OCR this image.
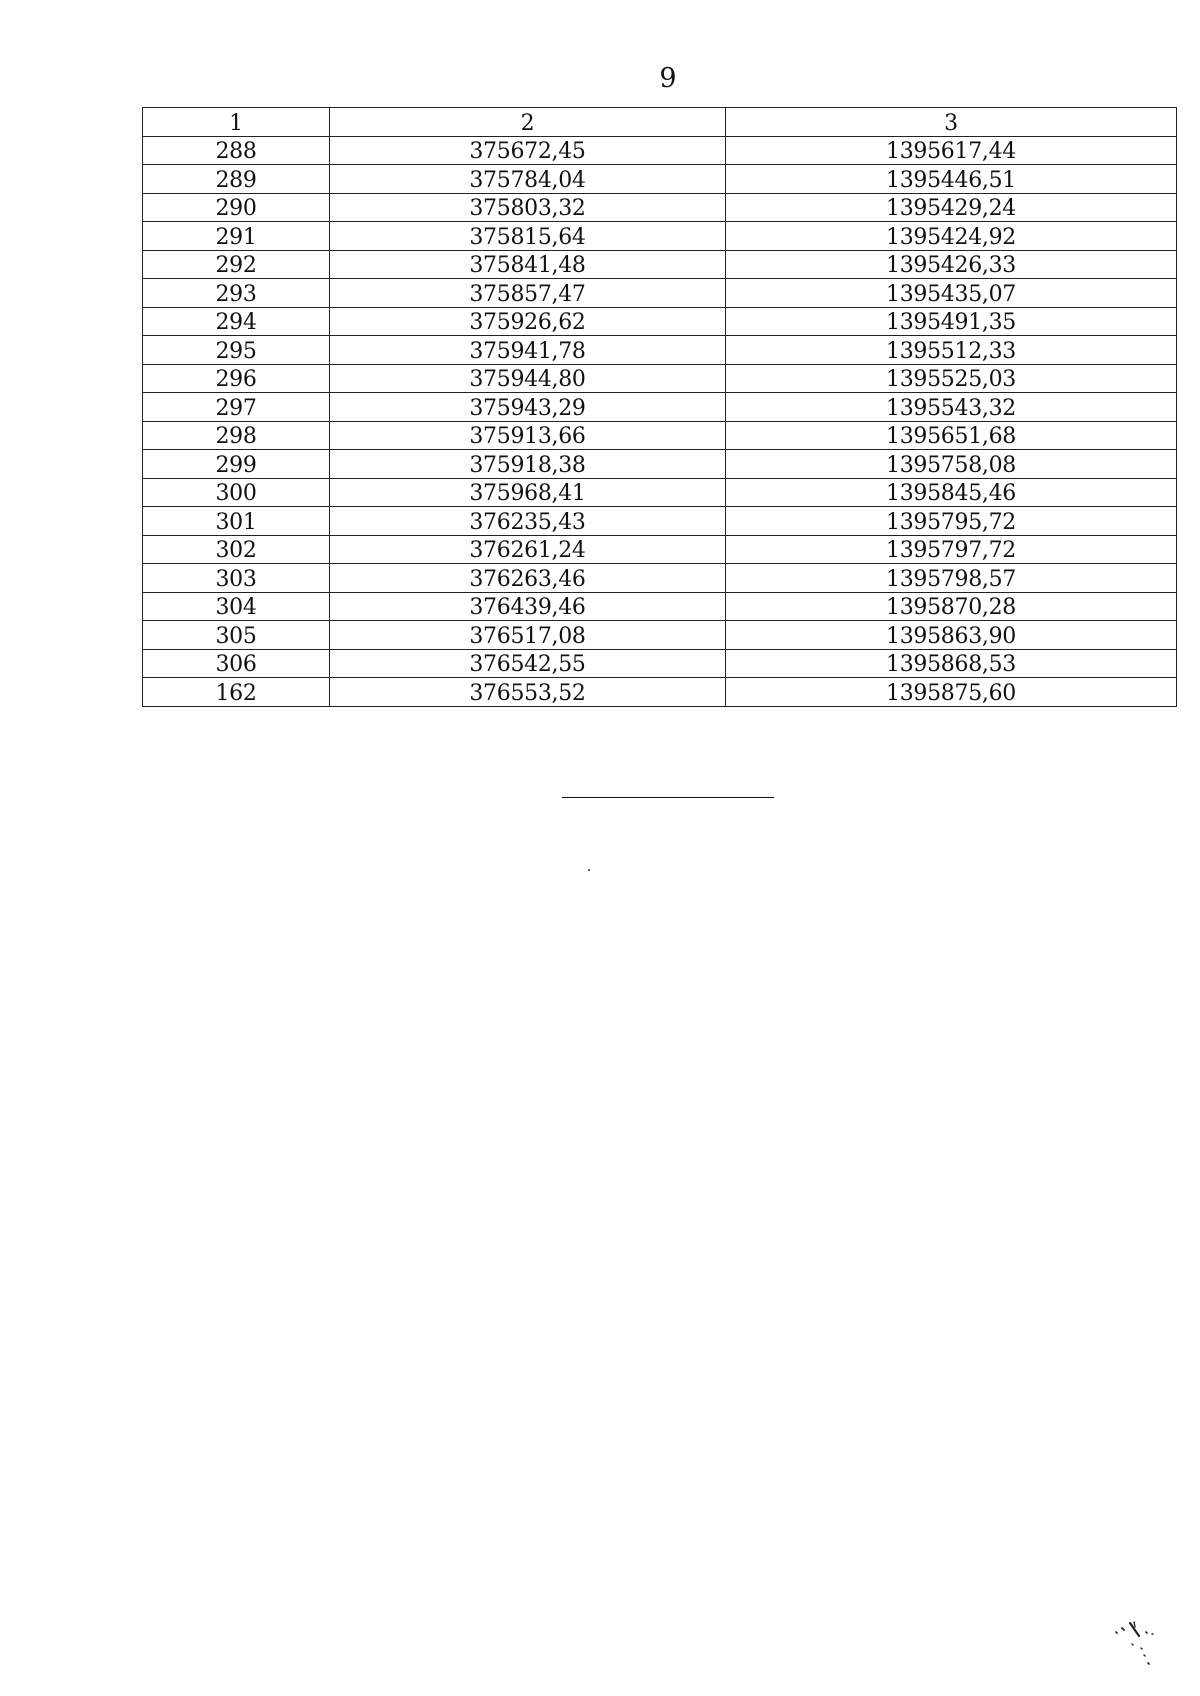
9
1	2	3
288	375672,45	1395617,44
289	375784,04	1395446,51
290	375803,32	1395429,24
291	375815,64	1395424,92
292	375841,48	1395426,33
293	375857,47	1395435,07
294	375926,62	1395491,35
295	375941,78	1395512,33
296	375944,80	1395525,03
297	375943,29	1395543,32
298	375913,66	1395651,68
299	375918,38	1395758,08
300	375968,41	1395845,46
301	376235,43	1395795,72
302	376261,24	1395797,72
303	376263,46	1395798,57
304	376439,46	1395870,28
305	376517,08	1395863,90
306	376542,55	1395868,53
162	376553,52	1395875,60
